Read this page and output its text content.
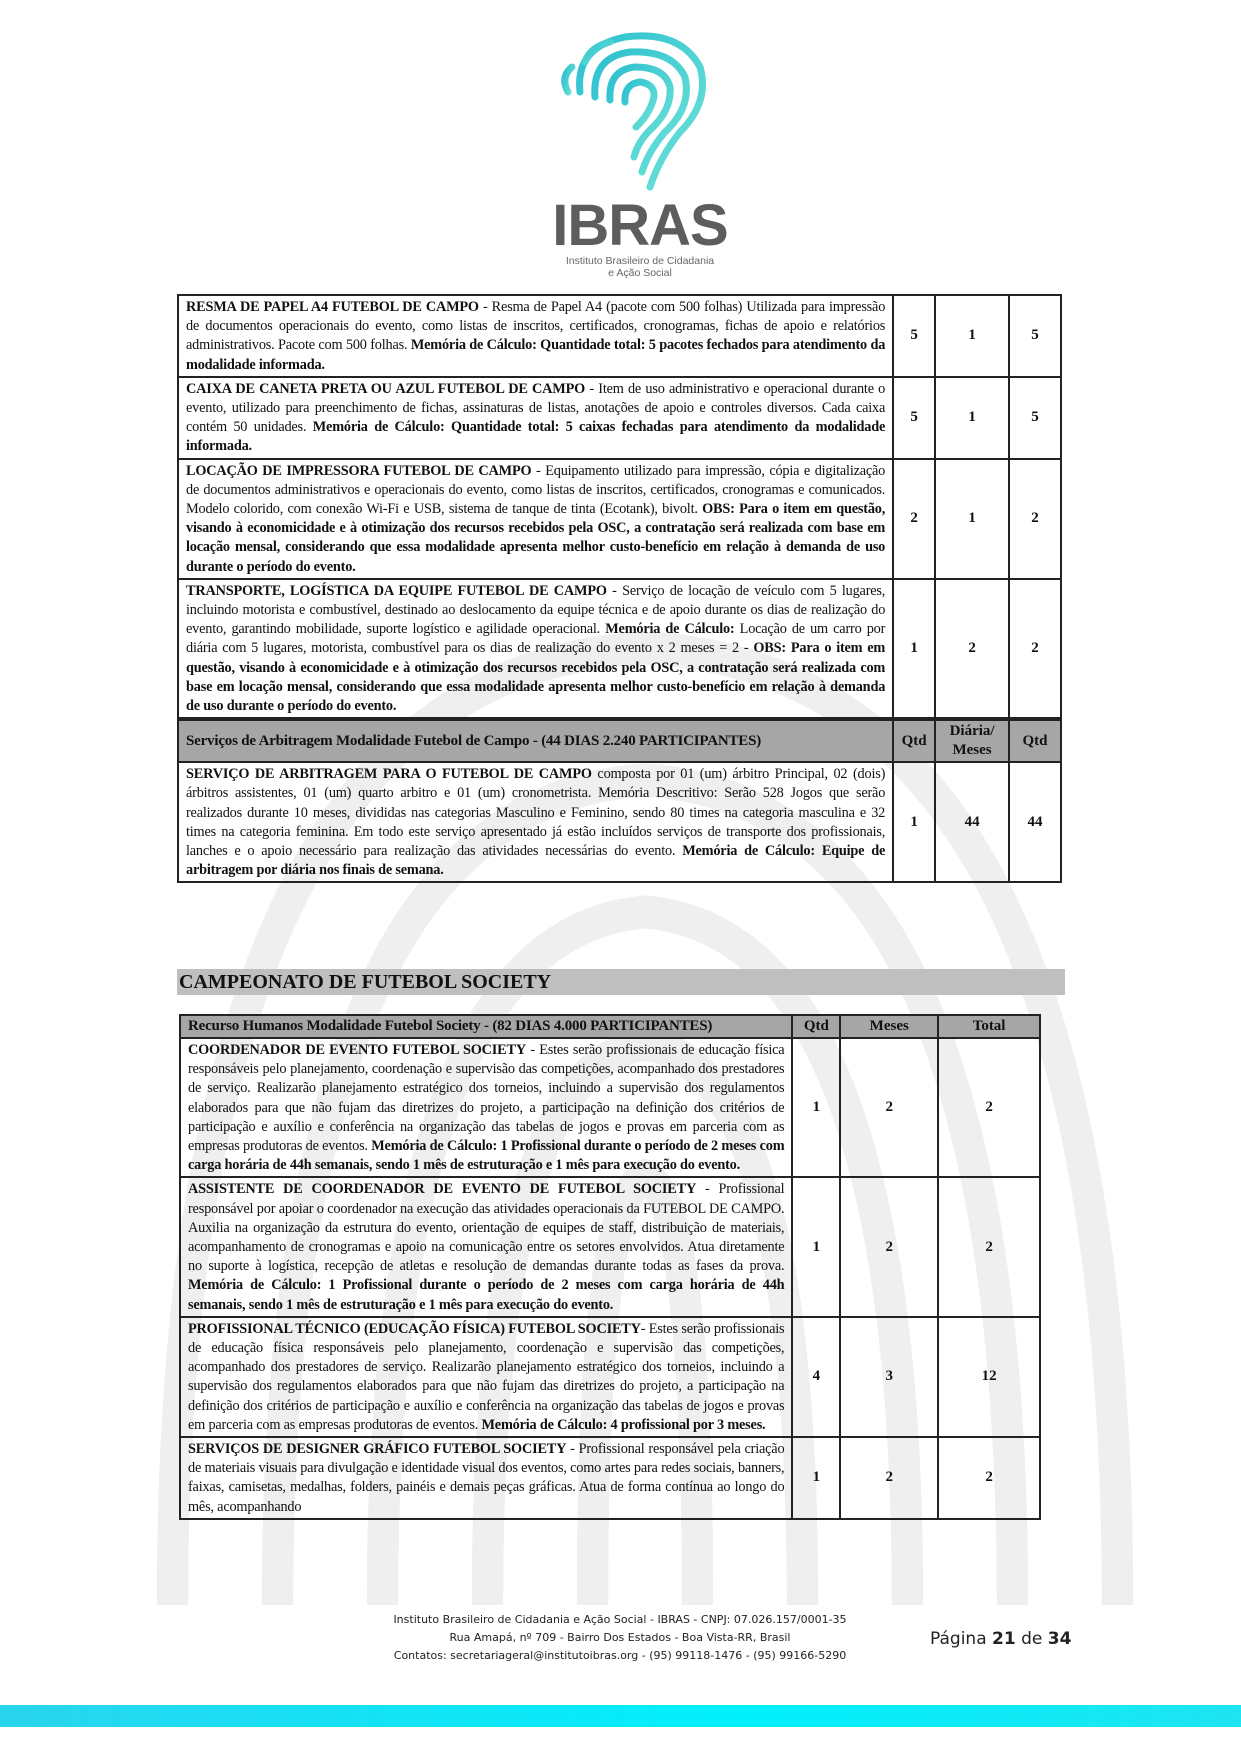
IBRAS
Instituto Brasileiro de Cidadania
e Ação Social
RESMA DE PAPEL A4 FUTEBOL DE CAMPO - Resma de Papel A4 (pacote com 500 folhas) Utilizada para impressão de documentos operacionais do evento, como listas de inscritos, certificados, cronogramas, fichas de apoio e relatórios administrativos. Pacote com 500 folhas. Memória de Cálculo: Quantidade total: 5 pacotes fechados para atendimento da modalidade informada.	5	1	5
CAIXA DE CANETA PRETA OU AZUL FUTEBOL DE CAMPO - Item de uso administrativo e operacional durante o evento, utilizado para preenchimento de fichas, assinaturas de listas, anotações de apoio e controles diversos. Cada caixa contém 50 unidades. Memória de Cálculo: Quantidade total: 5 caixas fechadas para atendimento da modalidade informada.	5	1	5
LOCAÇÃO DE IMPRESSORA FUTEBOL DE CAMPO - Equipamento utilizado para impressão, cópia e digitalização de documentos administrativos e operacionais do evento, como listas de inscritos, certificados, cronogramas e comunicados. Modelo colorido, com conexão Wi-Fi e USB, sistema de tanque de tinta (Ecotank), bivolt. OBS: Para o item em questão, visando à economicidade e à otimização dos recursos recebidos pela OSC, a contratação será realizada com base em locação mensal, considerando que essa modalidade apresenta melhor custo-benefício em relação à demanda de uso durante o período do evento.	2	1	2
TRANSPORTE, LOGÍSTICA DA EQUIPE FUTEBOL DE CAMPO - Serviço de locação de veículo com 5 lugares, incluindo motorista e combustível, destinado ao deslocamento da equipe técnica e de apoio durante os dias de realização do evento, garantindo mobilidade, suporte logístico e agilidade operacional. Memória de Cálculo: Locação de um carro por diária com 5 lugares, motorista, combustível para os dias de realização do evento x 2 meses = 2 - OBS: Para o item em questão, visando à economicidade e à otimização dos recursos recebidos pela OSC, a contratação será realizada com base em locação mensal, considerando que essa modalidade apresenta melhor custo-benefício em relação à demanda de uso durante o período do evento.	1	2	2
Serviços de Arbitragem Modalidade Futebol de Campo - (44 DIAS 2.240 PARTICIPANTES)	Qtd	Diária/ Meses	Qtd
SERVIÇO DE ARBITRAGEM PARA O FUTEBOL DE CAMPO composta por 01 (um) árbitro Principal, 02 (dois) árbitros assistentes, 01 (um) quarto arbitro e 01 (um) cronometrista. Memória Descritivo: Serão 528 Jogos que serão realizados durante 10 meses, divididas nas categorias Masculino e Feminino, sendo 80 times na categoria masculina e 32 times na categoria feminina. Em todo este serviço apresentado já estão incluídos serviços de transporte dos profissionais, lanches e o apoio necessário para realização das atividades necessárias do evento. Memória de Cálculo: Equipe de arbitragem por diária nos finais de semana.	1	44	44
CAMPEONATO DE FUTEBOL SOCIETY
Recurso Humanos Modalidade Futebol Society - (82 DIAS 4.000 PARTICIPANTES)	Qtd	Meses	Total
COORDENADOR DE EVENTO FUTEBOL SOCIETY - Estes serão profissionais de educação física responsáveis pelo planejamento, coordenação e supervisão das competições, acompanhado dos prestadores de serviço. Realizarão planejamento estratégico dos torneios, incluindo a supervisão dos regulamentos elaborados para que não fujam das diretrizes do projeto, a participação na definição dos critérios de participação e auxílio e conferência na organização das tabelas de jogos e provas em parceria com as empresas produtoras de eventos. Memória de Cálculo: 1 Profissional durante o período de 2 meses com carga horária de 44h semanais, sendo 1 mês de estruturação e 1 mês para execução do evento.	1	2	2
ASSISTENTE DE COORDENADOR DE EVENTO DE FUTEBOL SOCIETY - Profissional responsável por apoiar o coordenador na execução das atividades operacionais da FUTEBOL DE CAMPO. Auxilia na organização da estrutura do evento, orientação de equipes de staff, distribuição de materiais, acompanhamento de cronogramas e apoio na comunicação entre os setores envolvidos. Atua diretamente no suporte à logística, recepção de atletas e resolução de demandas durante todas as fases da prova. Memória de Cálculo: 1 Profissional durante o período de 2 meses com carga horária de 44h semanais, sendo 1 mês de estruturação e 1 mês para execução do evento.	1	2	2
PROFISSIONAL TÉCNICO (EDUCAÇÃO FÍSICA) FUTEBOL SOCIETY- Estes serão profissionais de educação física responsáveis pelo planejamento, coordenação e supervisão das competições, acompanhado dos prestadores de serviço. Realizarão planejamento estratégico dos torneios, incluindo a supervisão dos regulamentos elaborados para que não fujam das diretrizes do projeto, a participação na definição dos critérios de participação e auxílio e conferência na organização das tabelas de jogos e provas em parceria com as empresas produtoras de eventos. Memória de Cálculo: 4 profissional por 3 meses.	4	3	12
SERVIÇOS DE DESIGNER GRÁFICO FUTEBOL SOCIETY - Profissional responsável pela criação de materiais visuais para divulgação e identidade visual dos eventos, como artes para redes sociais, banners, faixas, camisetas, medalhas, folders, painéis e demais peças gráficas. Atua de forma contínua ao longo do mês, acompanhando	1	2	2
Instituto Brasileiro de Cidadania e Ação Social - IBRAS - CNPJ: 07.026.157/0001-35
Rua Amapá, nº 709 - Bairro Dos Estados - Boa Vista-RR, Brasil
Contatos: secretariageral@institutoibras.org - (95) 99118-1476 - (95) 99166-5290
Página 21 de 34
